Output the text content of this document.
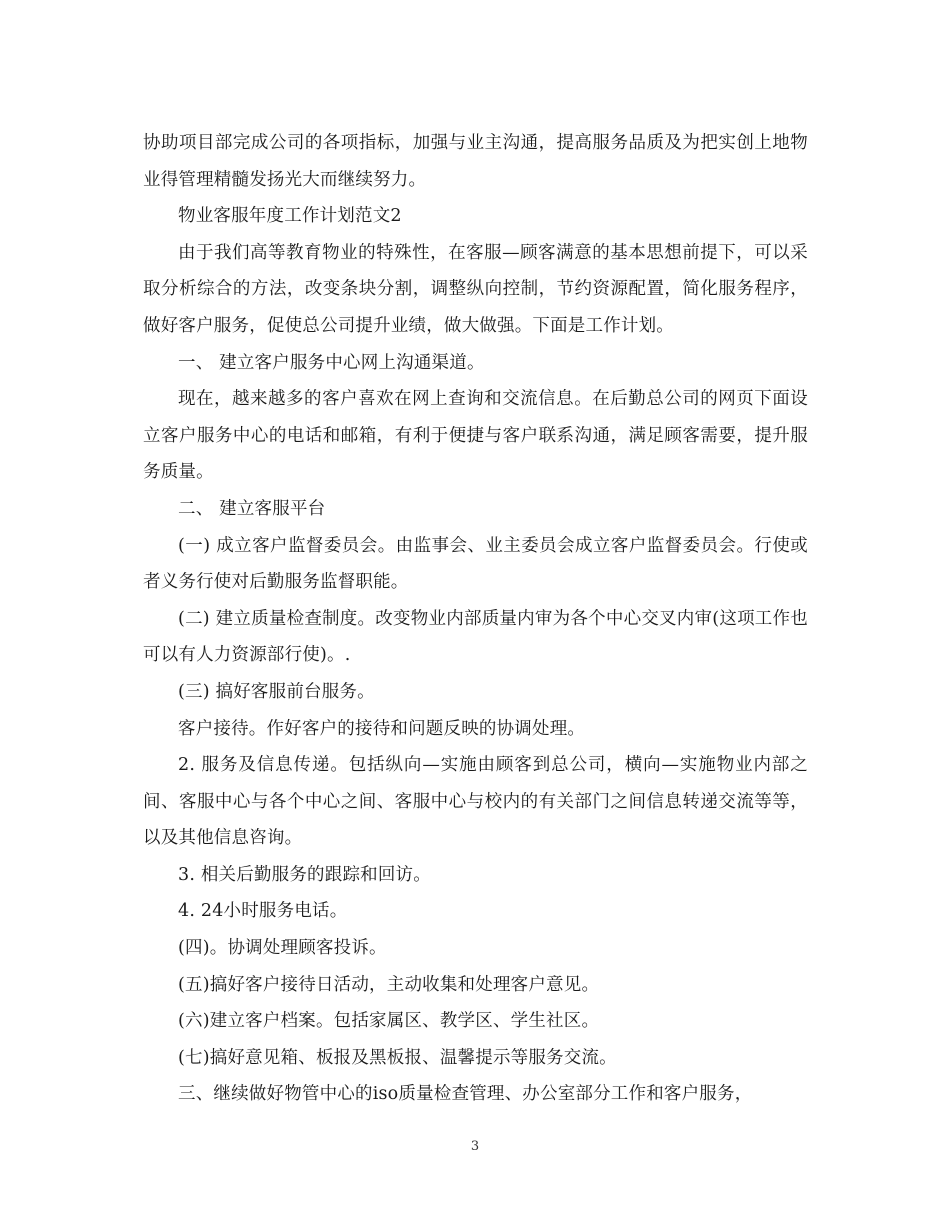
协助项目部完成公司的各项指标，加强与业主沟通，提高服务品质及为把实创上地物业得管理精髓发扬光大而继续努力。

物业客服年度工作计划范文2

由于我们高等教育物业的特殊性，在客服—顾客满意的基本思想前提下，可以采取分析综合的方法，改变条块分割，调整纵向控制，节约资源配置，简化服务程序，做好客户服务，促使总公司提升业绩，做大做强。下面是工作计划。

一、 建立客户服务中心网上沟通渠道。

现在，越来越多的客户喜欢在网上查询和交流信息。在后勤总公司的网页下面设立客户服务中心的电话和邮箱，有利于便捷与客户联系沟通，满足顾客需要，提升服务质量。

二、 建立客服平台

(一) 成立客户监督委员会。由监事会、业主委员会成立客户监督委员会。行使或者义务行使对后勤服务监督职能。

(二) 建立质量检查制度。改变物业内部质量内审为各个中心交叉内审(这项工作也可以有人力资源部行使)。.

(三) 搞好客服前台服务。

客户接待。作好客户的接待和问题反映的协调处理。

2. 服务及信息传递。包括纵向—实施由顾客到总公司，横向—实施物业内部之间、客服中心与各个中心之间、客服中心与校内的有关部门之间信息转递交流等等，以及其他信息咨询。

3. 相关后勤服务的跟踪和回访。

4. 24小时服务电话。

(四)。协调处理顾客投诉。

(五)搞好客户接待日活动，主动收集和处理客户意见。

(六)建立客户档案。包括家属区、教学区、学生社区。

(七)搞好意见箱、板报及黑板报、温馨提示等服务交流。

三、继续做好物管中心的iso质量检查管理、办公室部分工作和客户服务，

3
